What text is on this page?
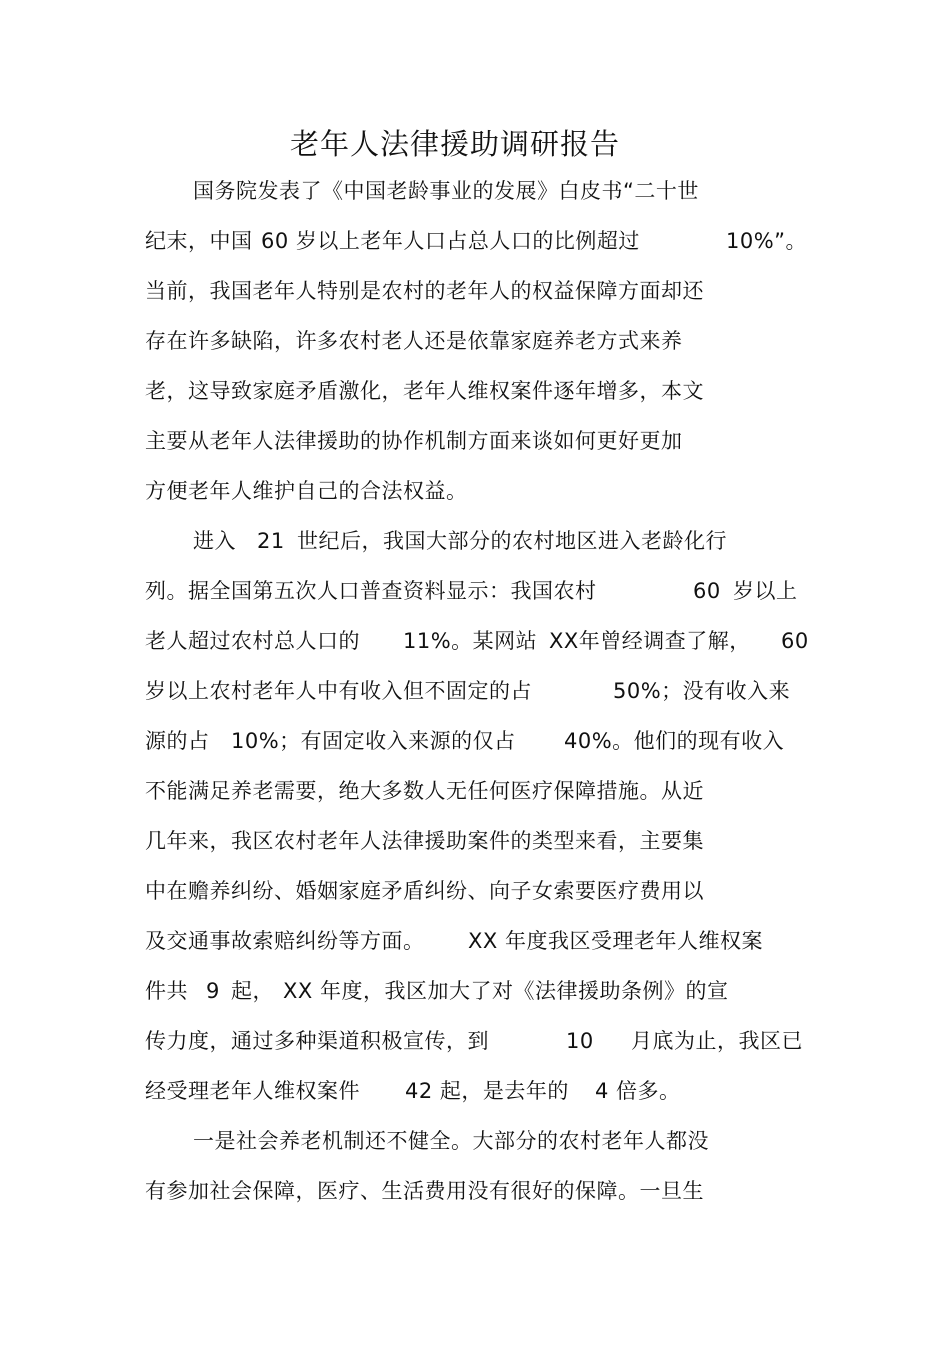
老年人法律援助调研报告
国务院发表了《中国老龄事业的发展》白皮书“二十世
纪末，中国 60 岁以上老年人口占总人口的比例超过	10%”。
当前，我国老年人特别是农村的老年人的权益保障方面却还
存在许多缺陷，许多农村老人还是依靠家庭养老方式来养
老，这导致家庭矛盾激化，老年人维权案件逐年增多，本文
主要从老年人法律援助的协作机制方面来谈如何更好更加
方便老年人维护自己的合法权益。
进入 21 世纪后，我国大部分的农村地区进入老龄化行
列。据全国第五次人口普查资料显示：我国农村	60 岁以上
老人超过农村总人口的 11%。某网站 XX年曾经调查了解， 60
岁以上农村老年人中有收入但不固定的占	50%；没有收入来
源的占 10%；有固定收入来源的仅占 40%。他们的现有收入
不能满足养老需要，绝大多数人无任何医疗保障措施。从近
几年来，我区农村老年人法律援助案件的类型来看，主要集
中在赡养纠纷、婚姻家庭矛盾纠纷、向子女索要医疗费用以
及交通事故索赔纠纷等方面。 XX 年度我区受理老年人维权案
件共 9 起， XX 年度，我区加大了对《法律援助条例》的宣
传力度，通过多种渠道积极宣传，到	10 月底为止，我区已
经受理老年人维权案件 42 起，是去年的 4 倍多。
一是社会养老机制还不健全。大部分的农村老年人都没
有参加社会保障，医疗、生活费用没有很好的保障。一旦生
